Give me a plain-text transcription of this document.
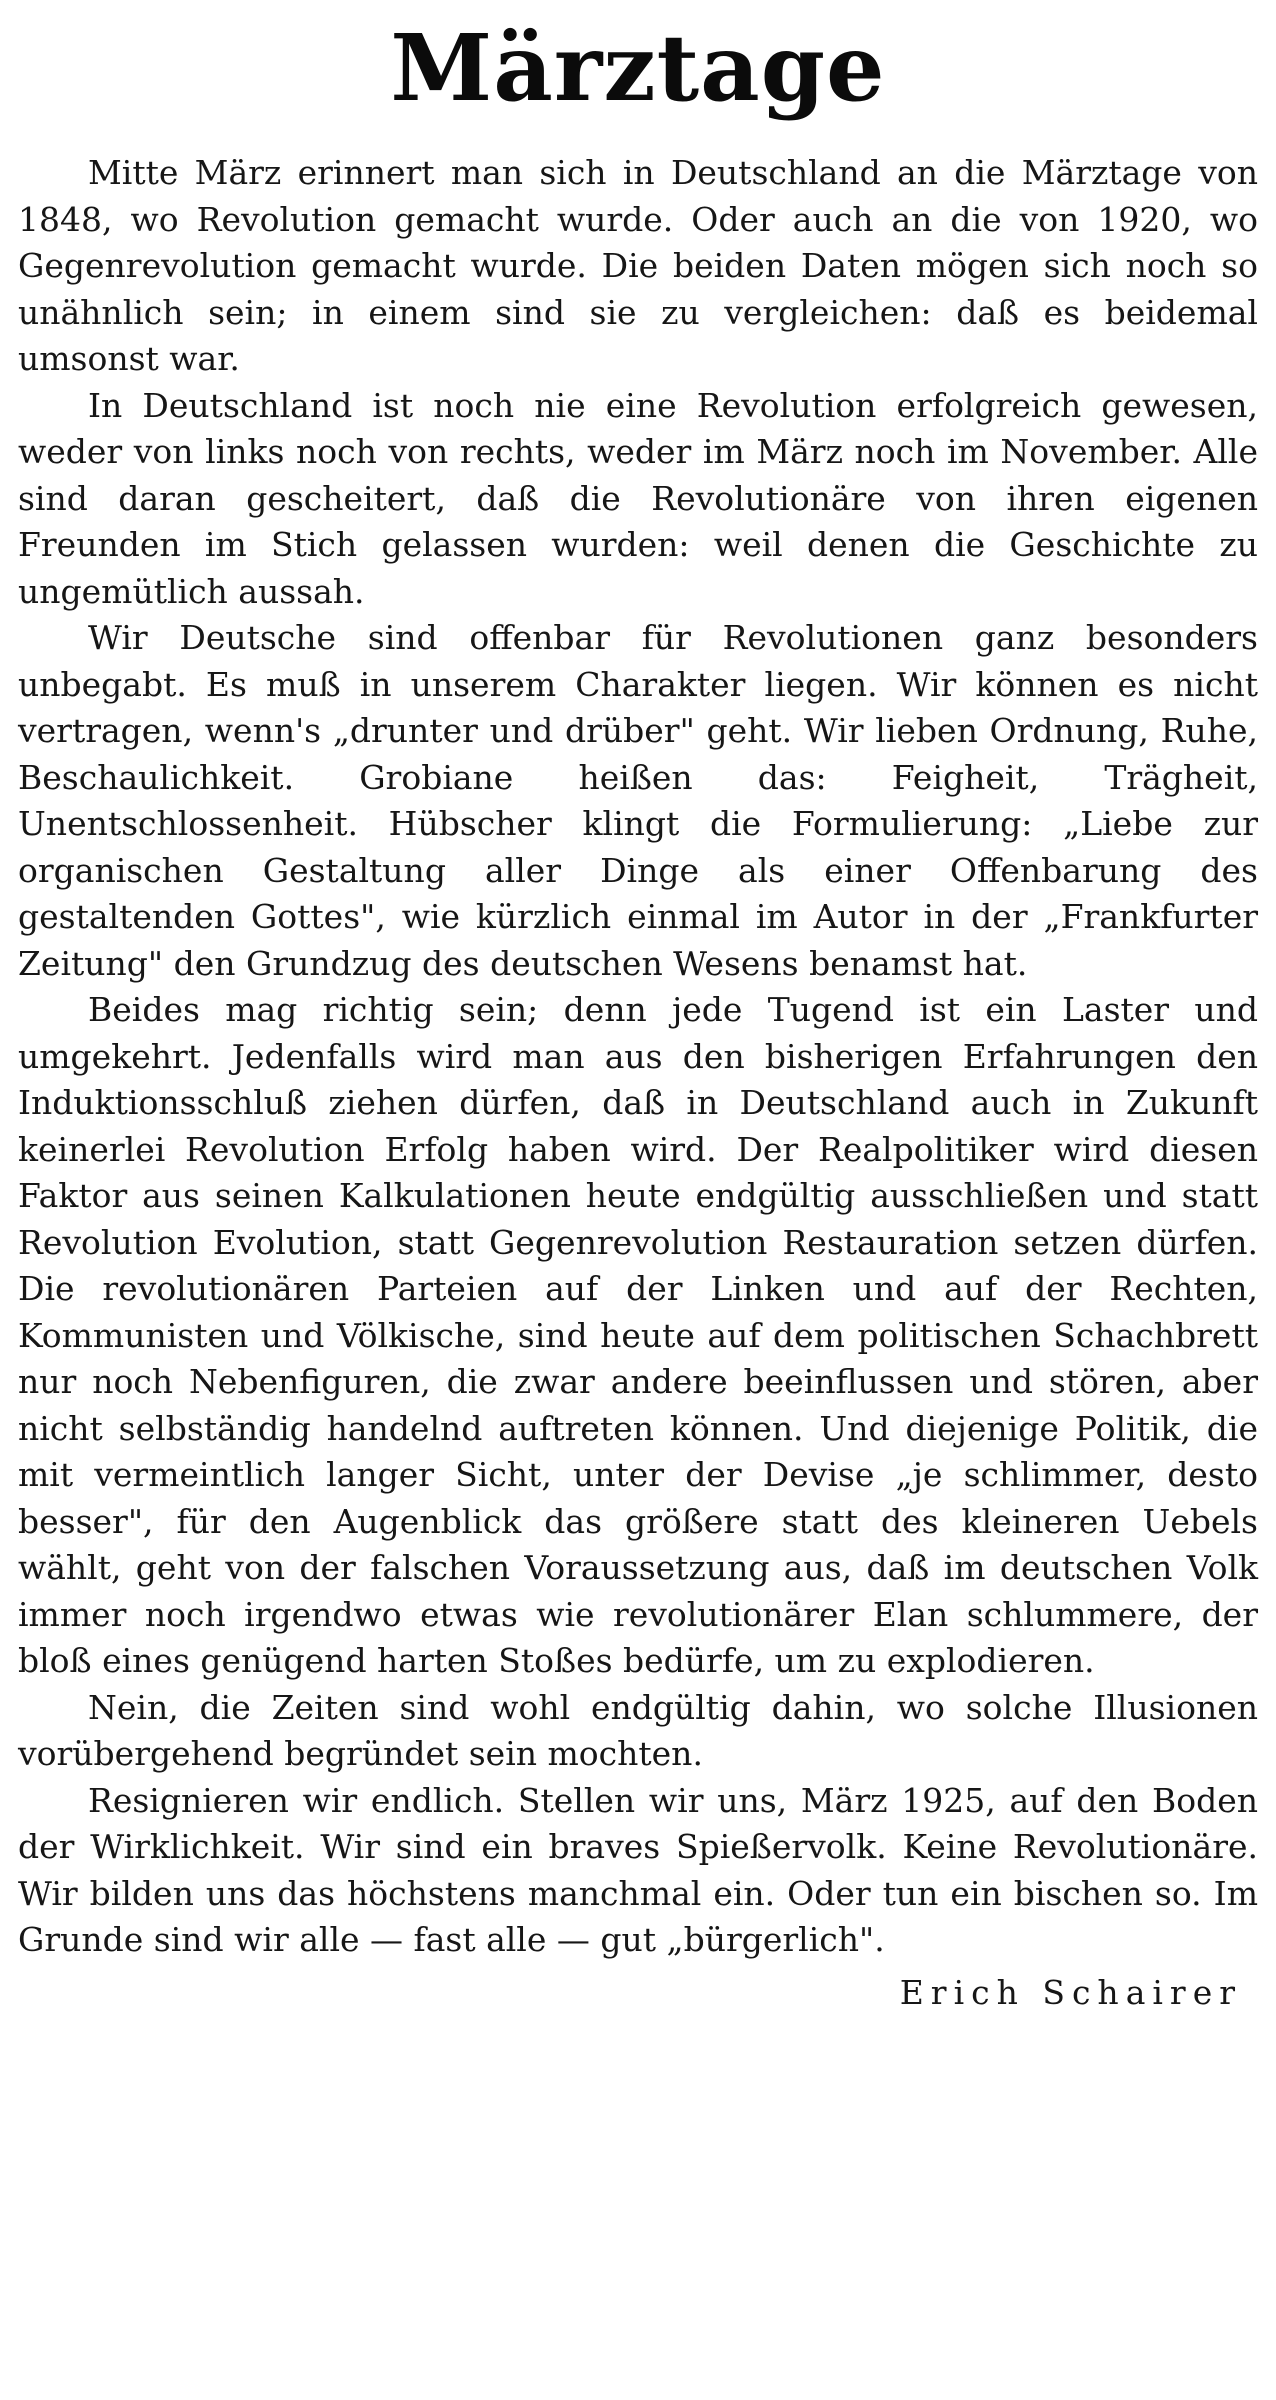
Märztage

Mitte März erinnert man sich in Deutschland an die Märztage von 1848, wo Revolution gemacht wurde. Oder auch an die von 1920, wo Gegenrevolution gemacht wurde. Die beiden Daten mögen sich noch so unähnlich sein; in einem sind sie zu vergleichen: daß es beidemal umsonst war.

In Deutschland ist noch nie eine Revolution erfolgreich gewesen, weder von links noch von rechts, weder im März noch im November. Alle sind daran gescheitert, daß die Revolutionäre von ihren eigenen Freunden im Stich gelassen wurden: weil denen die Geschichte zu ungemütlich aussah.

Wir Deutsche sind offenbar für Revolutionen ganz besonders unbegabt. Es muß in unserem Charakter liegen. Wir können es nicht vertragen, wenn's „drunter und drüber" geht. Wir lieben Ordnung, Ruhe, Beschaulichkeit. Grobiane heißen das: Feigheit, Trägheit, Unentschlossenheit. Hübscher klingt die Formulierung: „Liebe zur organischen Gestaltung aller Dinge als einer Offenbarung des gestaltenden Gottes", wie kürzlich einmal im Autor in der „Frankfurter Zeitung" den Grundzug des deutschen Wesens benamst hat.

Beides mag richtig sein; denn jede Tugend ist ein Laster und umgekehrt. Jedenfalls wird man aus den bisherigen Erfahrungen den Induktionsschluß ziehen dürfen, daß in Deutschland auch in Zukunft keinerlei Revolution Erfolg haben wird. Der Realpolitiker wird diesen Faktor aus seinen Kalkulationen heute endgültig ausschließen und statt Revolution Evolution, statt Gegenrevolution Restauration setzen dürfen. Die revolutionären Parteien auf der Linken und auf der Rechten, Kommunisten und Völkische, sind heute auf dem politischen Schachbrett nur noch Nebenfiguren, die zwar andere beeinflussen und stören, aber nicht selbständig handelnd auftreten können. Und diejenige Politik, die mit vermeintlich langer Sicht, unter der Devise „je schlimmer, desto besser", für den Augenblick das größere statt des kleineren Uebels wählt, geht von der falschen Voraussetzung aus, daß im deutschen Volk immer noch irgendwo etwas wie revolutionärer Elan schlummere, der bloß eines genügend harten Stoßes bedürfe, um zu explodieren.

Nein, die Zeiten sind wohl endgültig dahin, wo solche Illusionen vorübergehend begründet sein mochten.

Resignieren wir endlich. Stellen wir uns, März 1925, auf den Boden der Wirklichkeit. Wir sind ein braves Spießervolk. Keine Revolutionäre. Wir bilden uns das höchstens manchmal ein. Oder tun ein bischen so. Im Grunde sind wir alle — fast alle — gut „bürgerlich".

Erich Schairer
